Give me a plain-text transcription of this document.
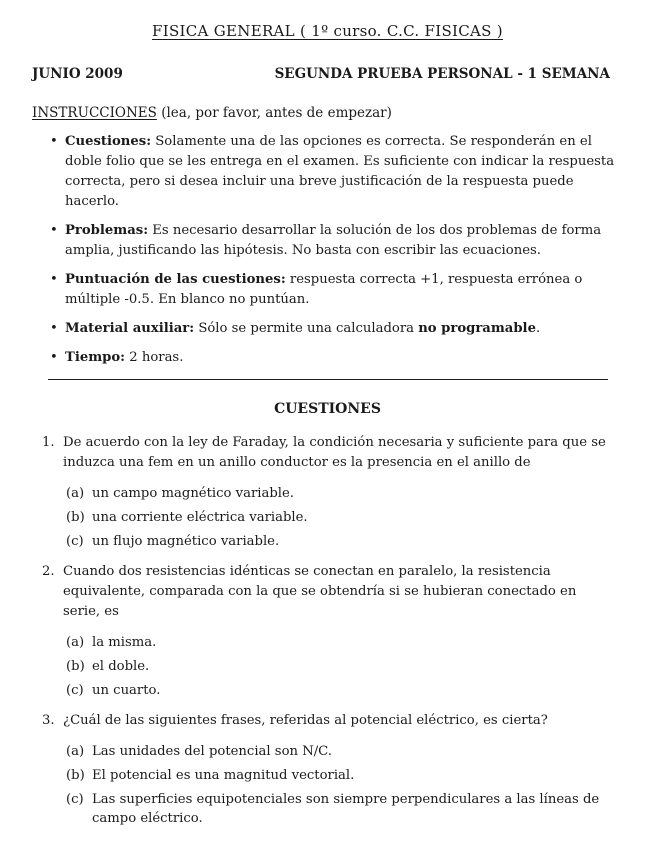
FISICA GENERAL ( 1º curso. C.C. FISICAS )
JUNIO 2009	SEGUNDA PRUEBA PERSONAL - 1 SEMANA
INSTRUCCIONES (lea, por favor, antes de empezar)
• Cuestiones: Solamente una de las opciones es correcta. Se responderán en el doble folio que se les entrega en el examen. Es suficiente con indicar la respuesta correcta, pero si desea incluir una breve justificación de la respuesta puede hacerlo.
• Problemas: Es necesario desarrollar la solución de los dos problemas de forma amplia, justificando las hipótesis. No basta con escribir las ecuaciones.
• Puntuación de las cuestiones: respuesta correcta +1, respuesta errónea o múltiple -0.5. En blanco no puntúan.
• Material auxiliar: Sólo se permite una calculadora no programable.
• Tiempo: 2 horas.
CUESTIONES
1. De acuerdo con la ley de Faraday, la condición necesaria y suficiente para que se induzca una fem en un anillo conductor es la presencia en el anillo de
(a) un campo magnético variable.
(b) una corriente eléctrica variable.
(c) un flujo magnético variable.
2. Cuando dos resistencias idénticas se conectan en paralelo, la resistencia equivalente, comparada con la que se obtendría si se hubieran conectado en serie, es
(a) la misma.
(b) el doble.
(c) un cuarto.
3. ¿Cuál de las siguientes frases, referidas al potencial eléctrico, es cierta?
(a) Las unidades del potencial son N/C.
(b) El potencial es una magnitud vectorial.
(c) Las superficies equipotenciales son siempre perpendiculares a las líneas de campo eléctrico.
